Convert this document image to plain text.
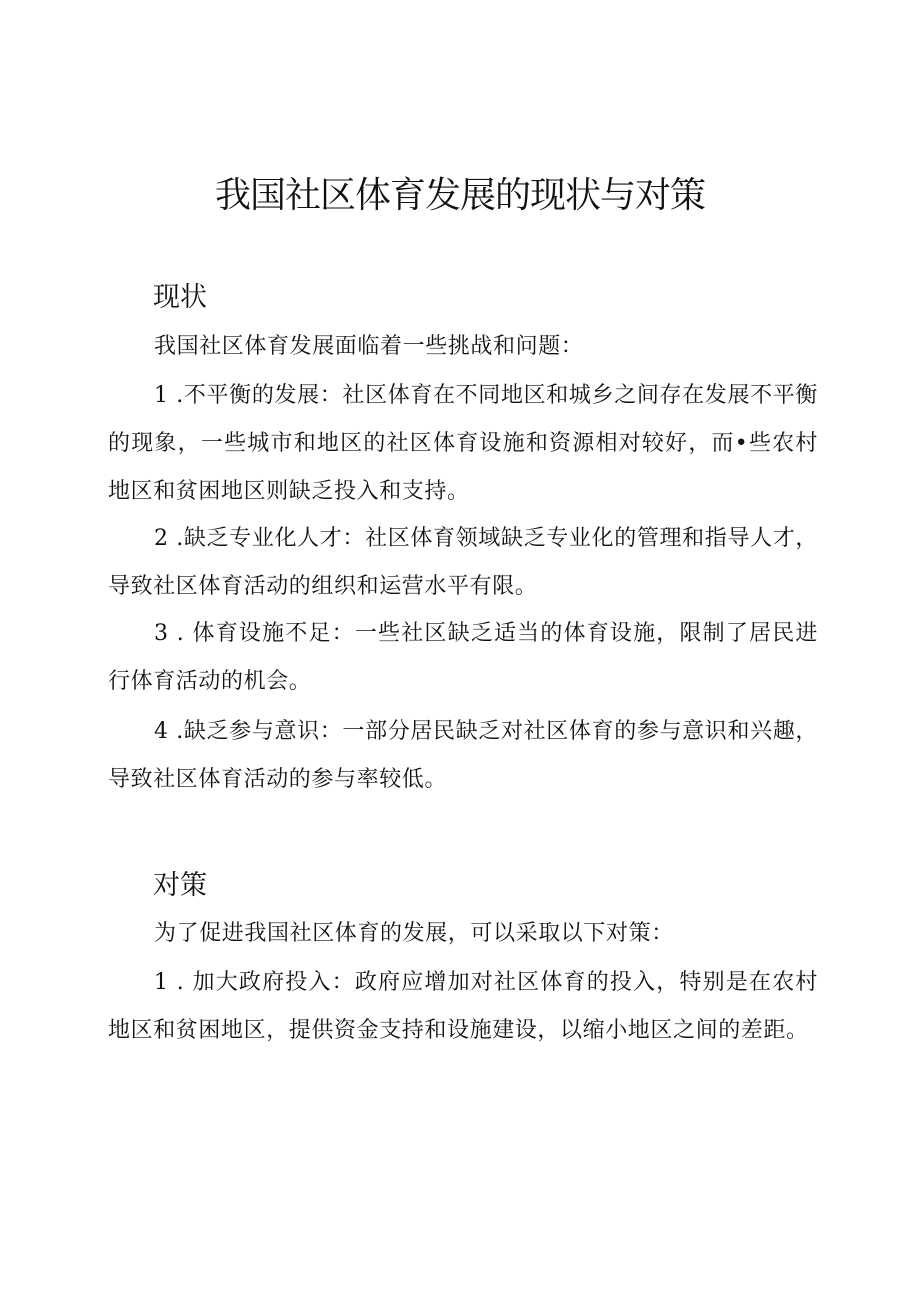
我国社区体育发展的现状与对策
现状

我国社区体育发展面临着一些挑战和问题：

1 .不平衡的发展：社区体育在不同地区和城乡之间存在发展不平衡的现象，一些城市和地区的社区体育设施和资源相对较好，而•些农村地区和贫困地区则缺乏投入和支持。

2 .缺乏专业化人才：社区体育领域缺乏专业化的管理和指导人才，导致社区体育活动的组织和运营水平有限。

3 . 体育设施不足：一些社区缺乏适当的体育设施，限制了居民进行体育活动的机会。

4 .缺乏参与意识：一部分居民缺乏对社区体育的参与意识和兴趣，导致社区体育活动的参与率较低。

对策

为了促进我国社区体育的发展，可以采取以下对策：

1 . 加大政府投入：政府应增加对社区体育的投入，特别是在农村地区和贫困地区，提供资金支持和设施建设，以缩小地区之间的差距。
